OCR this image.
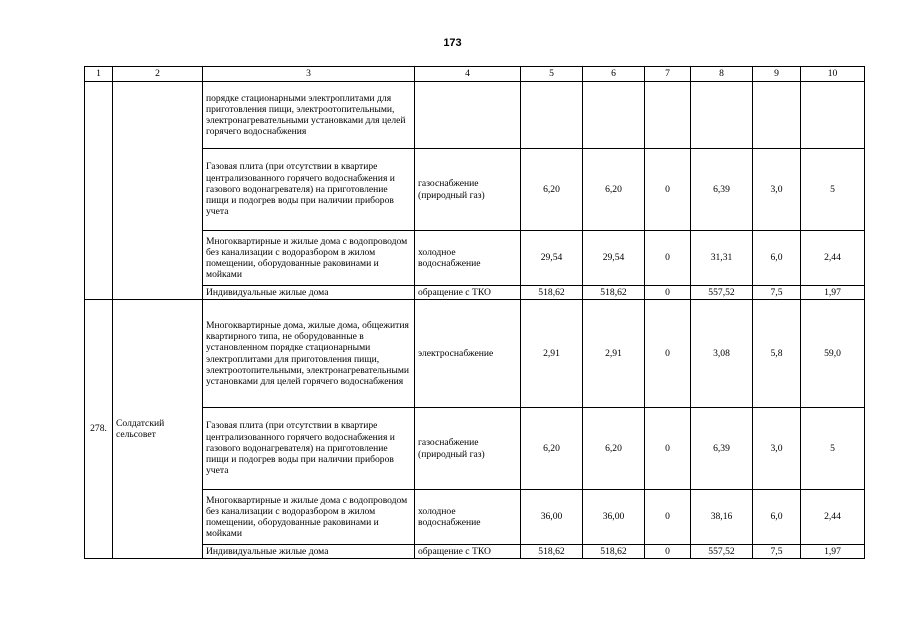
173
1	2	3	4	5	6	7	8	9	10
		порядке стационарными электроплитами для приготовления пищи, электроотопительными, электронагревательными установками для целей горячего водоснабжения							
		Газовая плита (при отсутствии в квартире централизованного горячего водоснабжения и газового водонагревателя) на приготовление пищи и подогрев воды при наличии приборов учета	газоснабжение (природный газ)	6,20	6,20	0	6,39	3,0	5
		Многоквартирные и жилые дома с водопроводом без канализации с водоразбором в жилом помещении, оборудованные раковинами и мойками	холодное водоснабжение	29,54	29,54	0	31,31	6,0	2,44
		Индивидуальные жилые дома	обращение с ТКО	518,62	518,62	0	557,52	7,5	1,97
278.	Солдатский сельсовет	Многоквартирные дома, жилые дома, общежития квартирного типа, не оборудованные в установленном порядке стационарными электроплитами для приготовления пищи, электроотопительными, электронагревательными установками для целей горячего водоснабжения	электроснабжение	2,91	2,91	0	3,08	5,8	59,0
		Газовая плита (при отсутствии в квартире централизованного горячего водоснабжения и газового водонагревателя) на приготовление пищи и подогрев воды при наличии приборов учета	газоснабжение (природный газ)	6,20	6,20	0	6,39	3,0	5
		Многоквартирные и жилые дома с водопроводом без канализации с водоразбором в жилом помещении, оборудованные раковинами и мойками	холодное водоснабжение	36,00	36,00	0	38,16	6,0	2,44
		Индивидуальные жилые дома	обращение с ТКО	518,62	518,62	0	557,52	7,5	1,97
